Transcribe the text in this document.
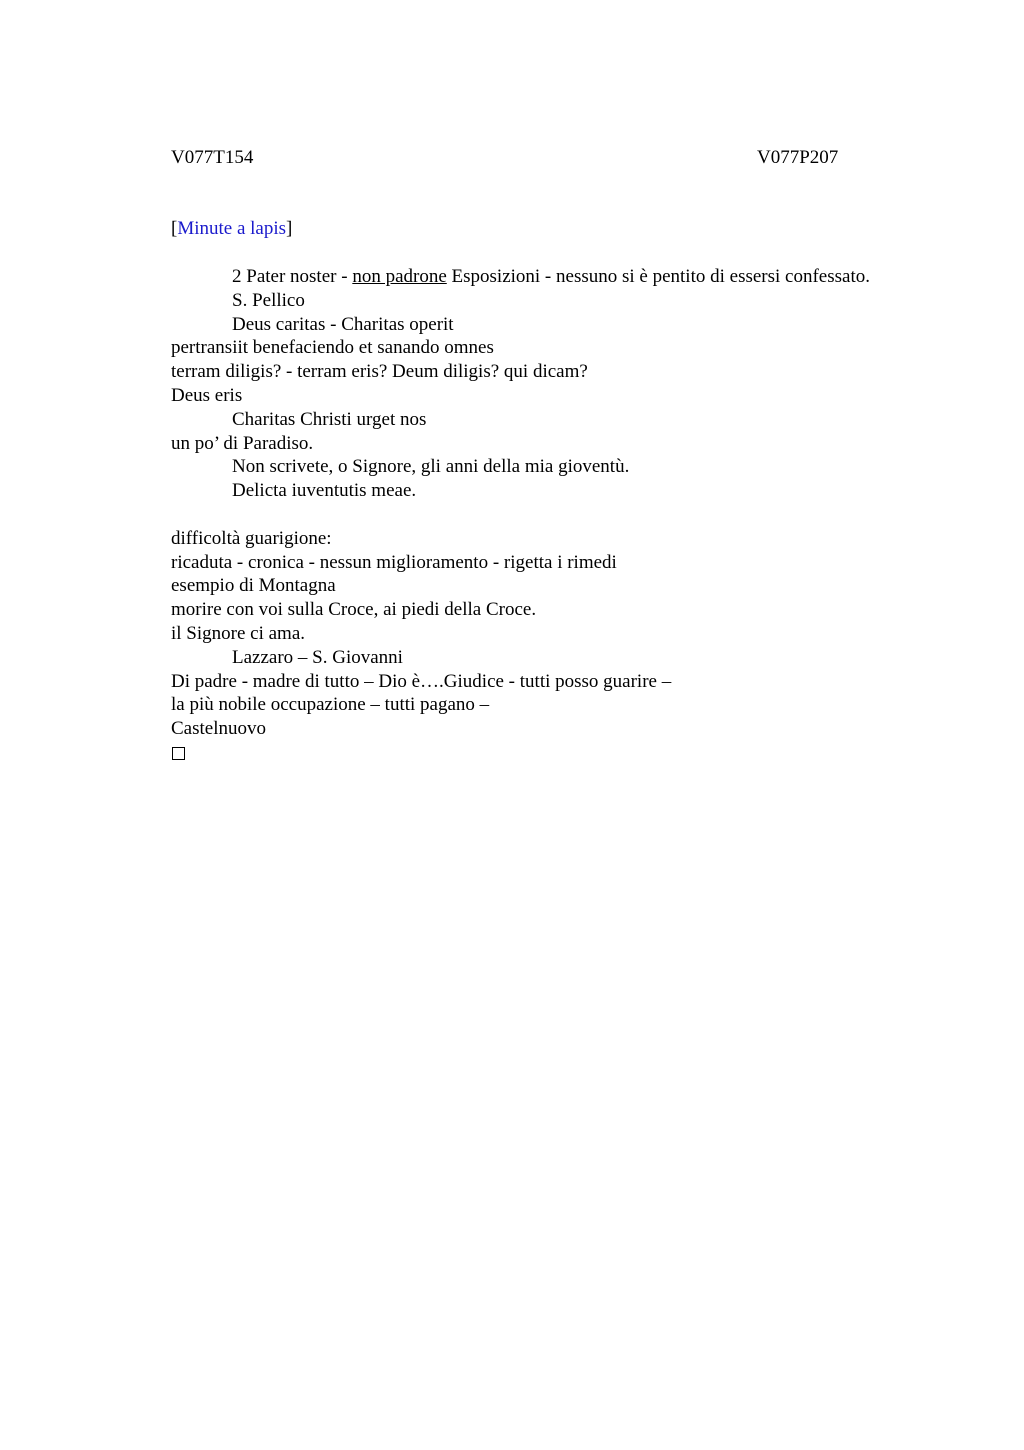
V077T154	V077P207
[Minute a lapis]
2 Pater noster - non padrone Esposizioni - nessuno si è pentito di essersi confessato.
S. Pellico
Deus caritas - Charitas operit
pertransiit benefaciendo et sanando omnes
terram diligis? - terram eris? Deum diligis? qui dicam?
Deus eris
Charitas Christi urget nos
un po’ di Paradiso.
Non scrivete, o Signore, gli anni della mia gioventù.
Delicta iuventutis meae.
difficoltà guarigione:
ricaduta - cronica - nessun miglioramento - rigetta i rimedi
esempio di Montagna
morire con voi sulla Croce, ai piedi della Croce.
il Signore ci ama.
Lazzaro – S. Giovanni
Di padre - madre di tutto – Dio è….Giudice - tutti posso guarire –
la più nobile occupazione – tutti pagano –
Castelnuovo
